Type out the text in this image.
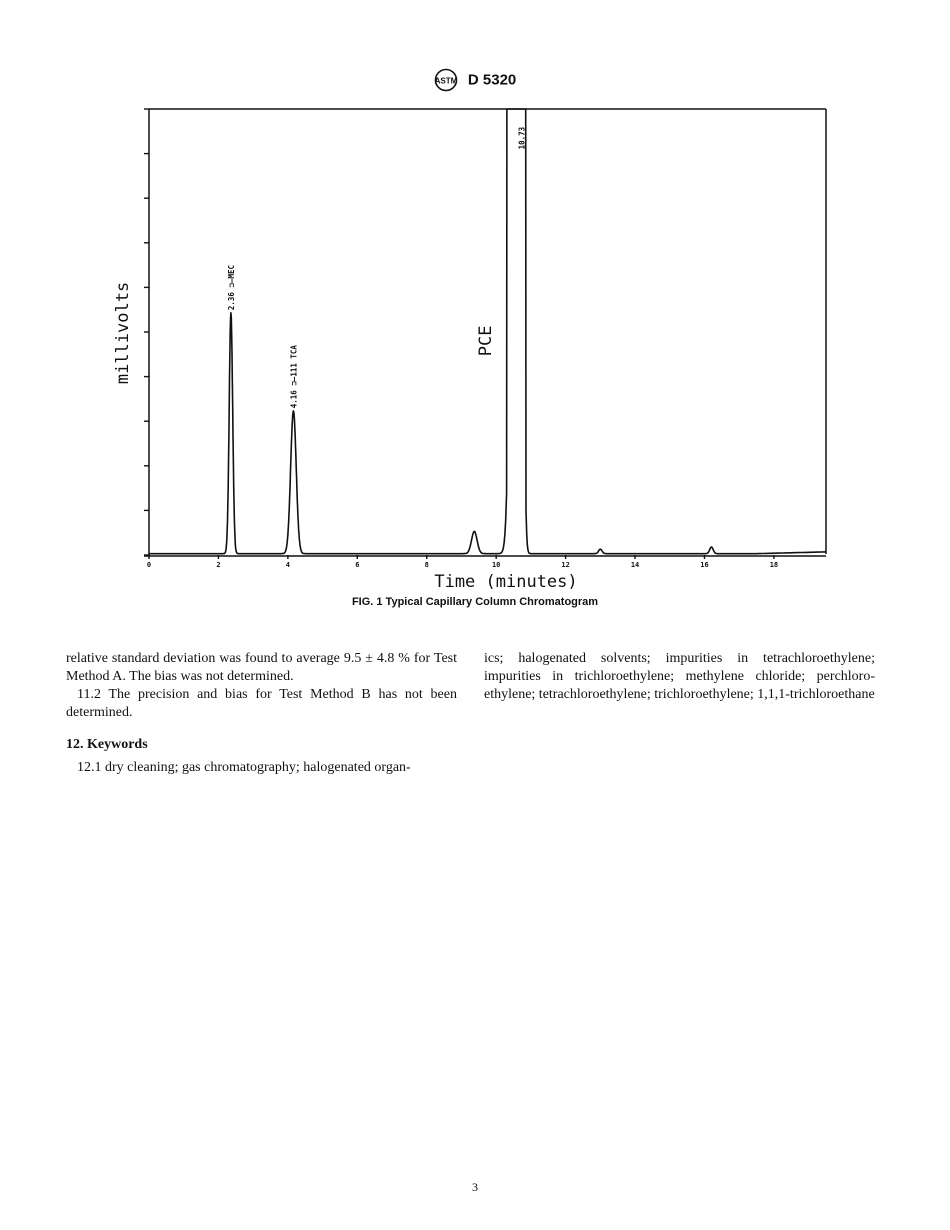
ASTM D 5320
0	2	4	6	8	10	12	14	16	18
2.36 ⊐—MEC
4.16 ⊐—111 TCA
10.73
PCE
millivolts
Time (minutes)
FIG. 1 Typical Capillary Column Chromatogram

relative standard deviation was found to average 9.5 ± 4.8 % for Test Method A. The bias was not determined.

11.2 The precision and bias for Test Method B has not been determined.

12. Keywords

12.1 dry cleaning; gas chromatography; halogenated organ-

ics; halogenated solvents; impurities in tetrachloroethylene; impurities in trichloroethylene; methylene chloride; perchloro-ethylene; tetrachloroethylene; trichloroethylene; 1,1,1-trichloroethane

3
